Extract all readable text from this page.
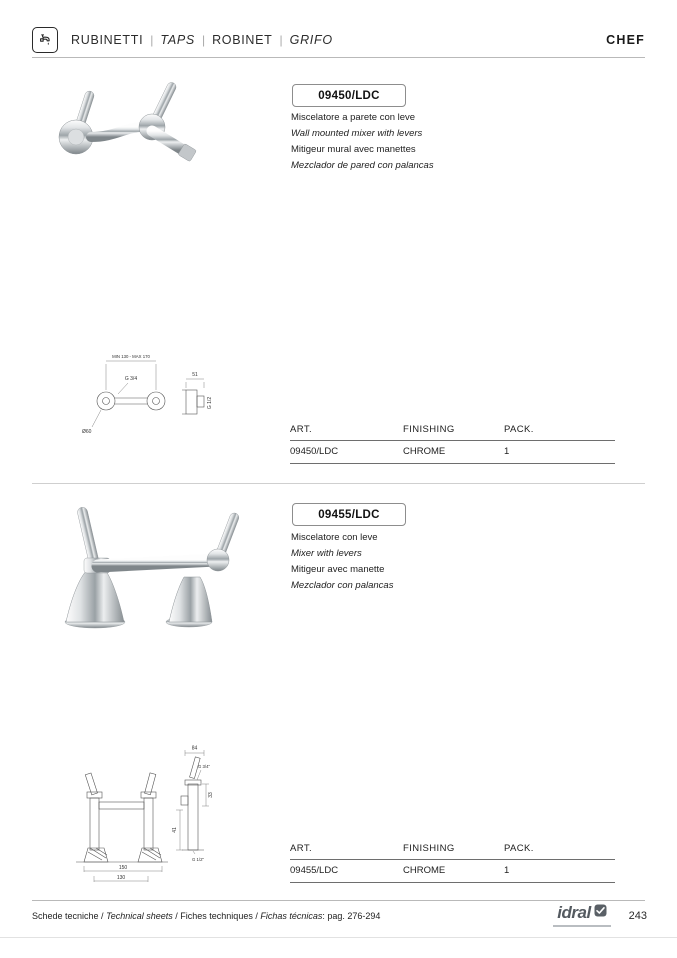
RUBINETTI | TAPS | ROBINET | GRIFO	CHEF
09450/LDC
Miscelatore a parete con leve
Wall mounted mixer with levers
Mitigeur mural avec manettes
Mezclador de pared con palancas
MIN 130 - MAX 170
G 3/4
51
G 1/2
Ø60	ART.	FINISHING	PACK.
09450/LDC	CHROME	1
09455/LDC
Miscelatore con leve
Mixer with levers
Mitigeur avec manette
Mezclador con palancas
150
130
84
G 3/4"
33
41
G 1/2"
ART.	FINISHING	PACK.
09455/LDC	CHROME	1
Schede tecniche / Technical sheets / Fiches techniques / Fichas técnicas: pag. 276-294	idral	243
